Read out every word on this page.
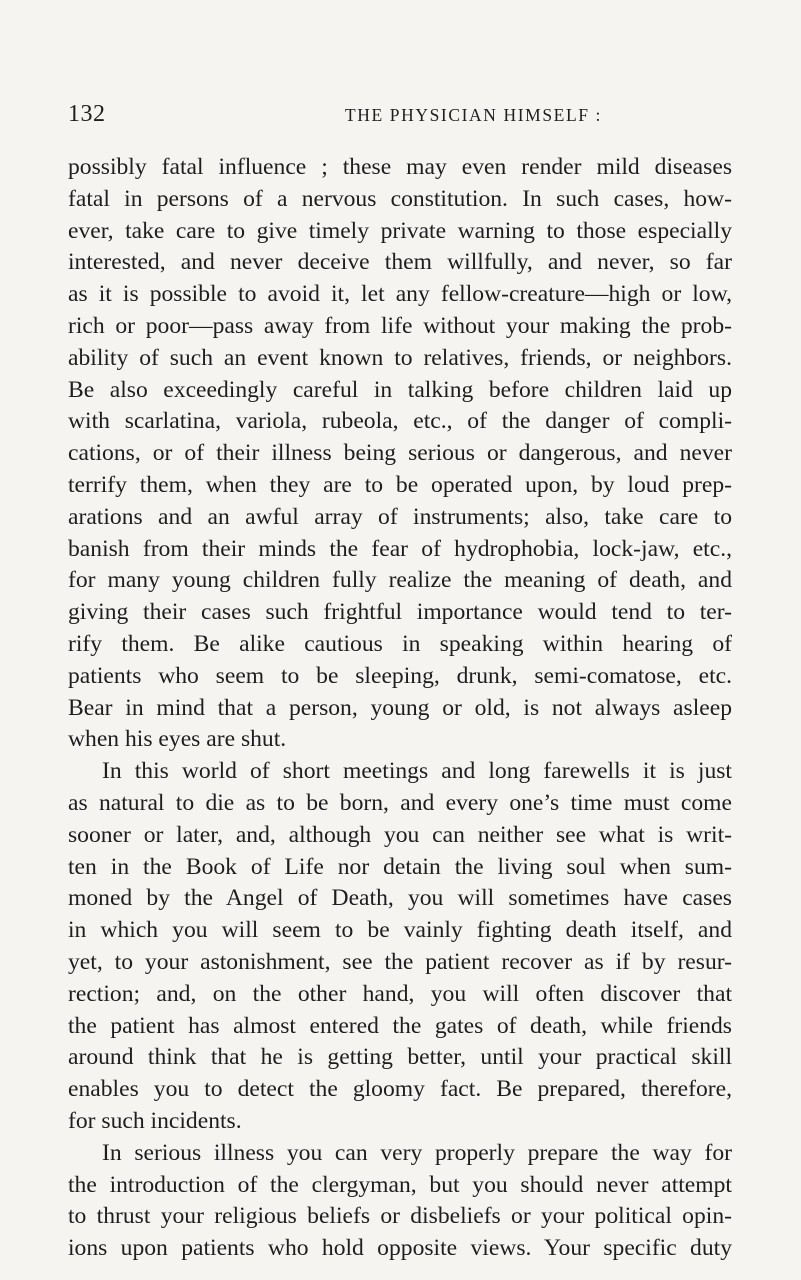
132	THE PHYSICIAN HIMSELF :
possibly fatal influence ; these may even render mild diseases
fatal in persons of a nervous constitution. In such cases, how-
ever, take care to give timely private warning to those especially
interested, and never deceive them willfully, and never, so far
as it is possible to avoid it, let any fellow-creature—high or low,
rich or poor—pass away from life without your making the prob-
ability of such an event known to relatives, friends, or neighbors.
Be also exceedingly careful in talking before children laid up
with scarlatina, variola, rubeola, etc., of the danger of compli-
cations, or of their illness being serious or dangerous, and never
terrify them, when they are to be operated upon, by loud prep-
arations and an awful array of instruments; also, take care to
banish from their minds the fear of hydrophobia, lock-jaw, etc.,
for many young children fully realize the meaning of death, and
giving their cases such frightful importance would tend to ter-
rify them. Be alike cautious in speaking within hearing of
patients who seem to be sleeping, drunk, semi-comatose, etc.
Bear in mind that a person, young or old, is not always asleep
when his eyes are shut.
In this world of short meetings and long farewells it is just
as natural to die as to be born, and every one’s time must come
sooner or later, and, although you can neither see what is writ-
ten in the Book of Life nor detain the living soul when sum-
moned by the Angel of Death, you will sometimes have cases
in which you will seem to be vainly fighting death itself, and
yet, to your astonishment, see the patient recover as if by resur-
rection; and, on the other hand, you will often discover that
the patient has almost entered the gates of death, while friends
around think that he is getting better, until your practical skill
enables you to detect the gloomy fact. Be prepared, therefore,
for such incidents.
In serious illness you can very properly prepare the way for
the introduction of the clergyman, but you should never attempt
to thrust your religious beliefs or disbeliefs or your political opin-
ions upon patients who hold opposite views. Your specific duty
